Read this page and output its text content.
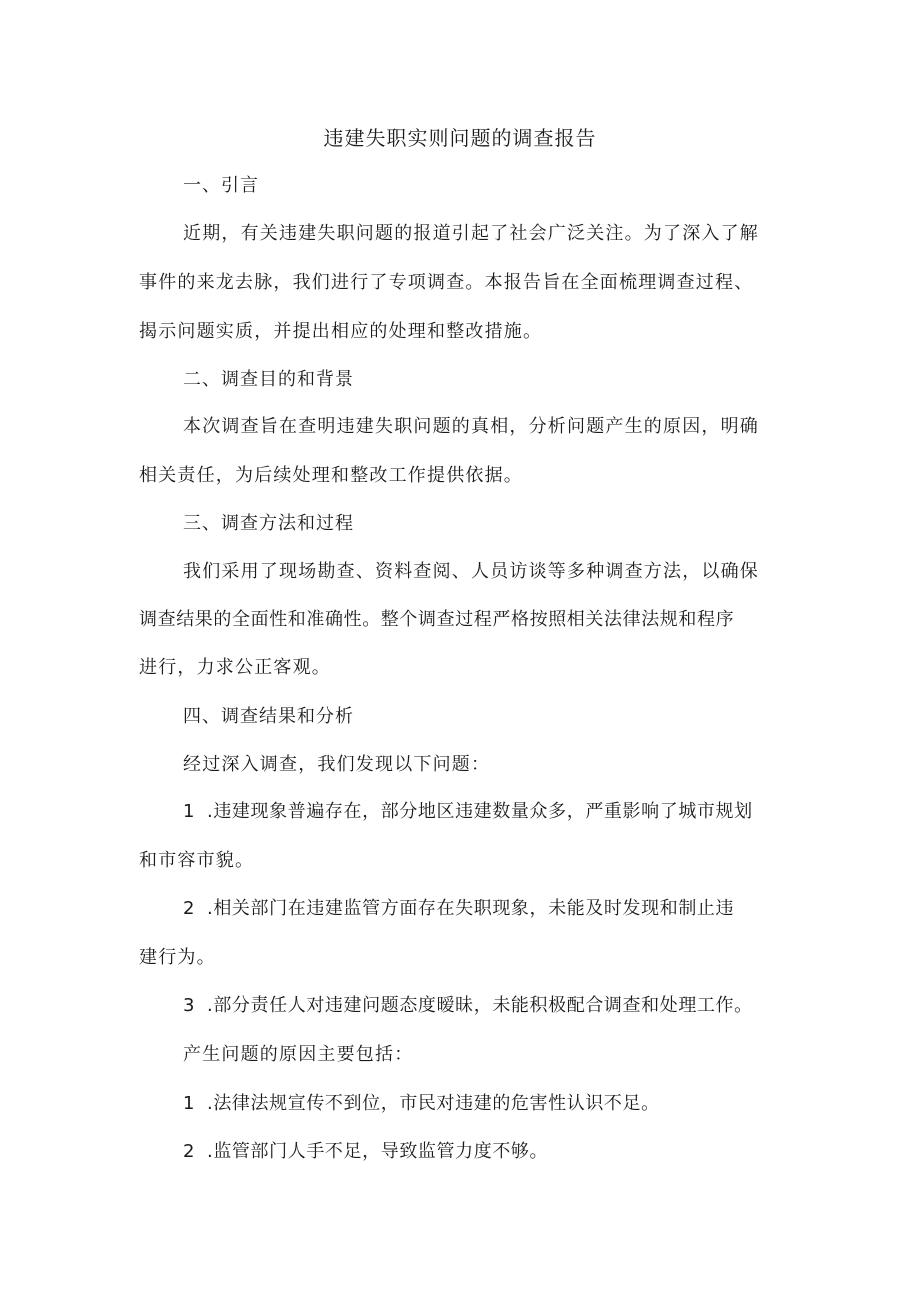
违建失职实则问题的调查报告

一、引言

近期，有关违建失职问题的报道引起了社会广泛关注。为了深入了解

事件的来龙去脉，我们进行了专项调查。本报告旨在全面梳理调查过程、

揭示问题实质，并提出相应的处理和整改措施。

二、调查目的和背景

本次调查旨在查明违建失职问题的真相，分析问题产生的原因，明确

相关责任，为后续处理和整改工作提供依据。

三、调查方法和过程

我们采用了现场勘查、资料查阅、人员访谈等多种调查方法，以确保

调查结果的全面性和准确性。整个调查过程严格按照相关法律法规和程序

进行，力求公正客观。

四、调查结果和分析

经过深入调查，我们发现以下问题：

1 .违建现象普遍存在，部分地区违建数量众多，严重影响了城市规划

和市容市貌。

2 .相关部门在违建监管方面存在失职现象，未能及时发现和制止违

建行为。

3 .部分责任人对违建问题态度暧昧，未能积极配合调查和处理工作。

产生问题的原因主要包括：

1 .法律法规宣传不到位，市民对违建的危害性认识不足。
2 .监管部门人手不足，导致监管力度不够。
